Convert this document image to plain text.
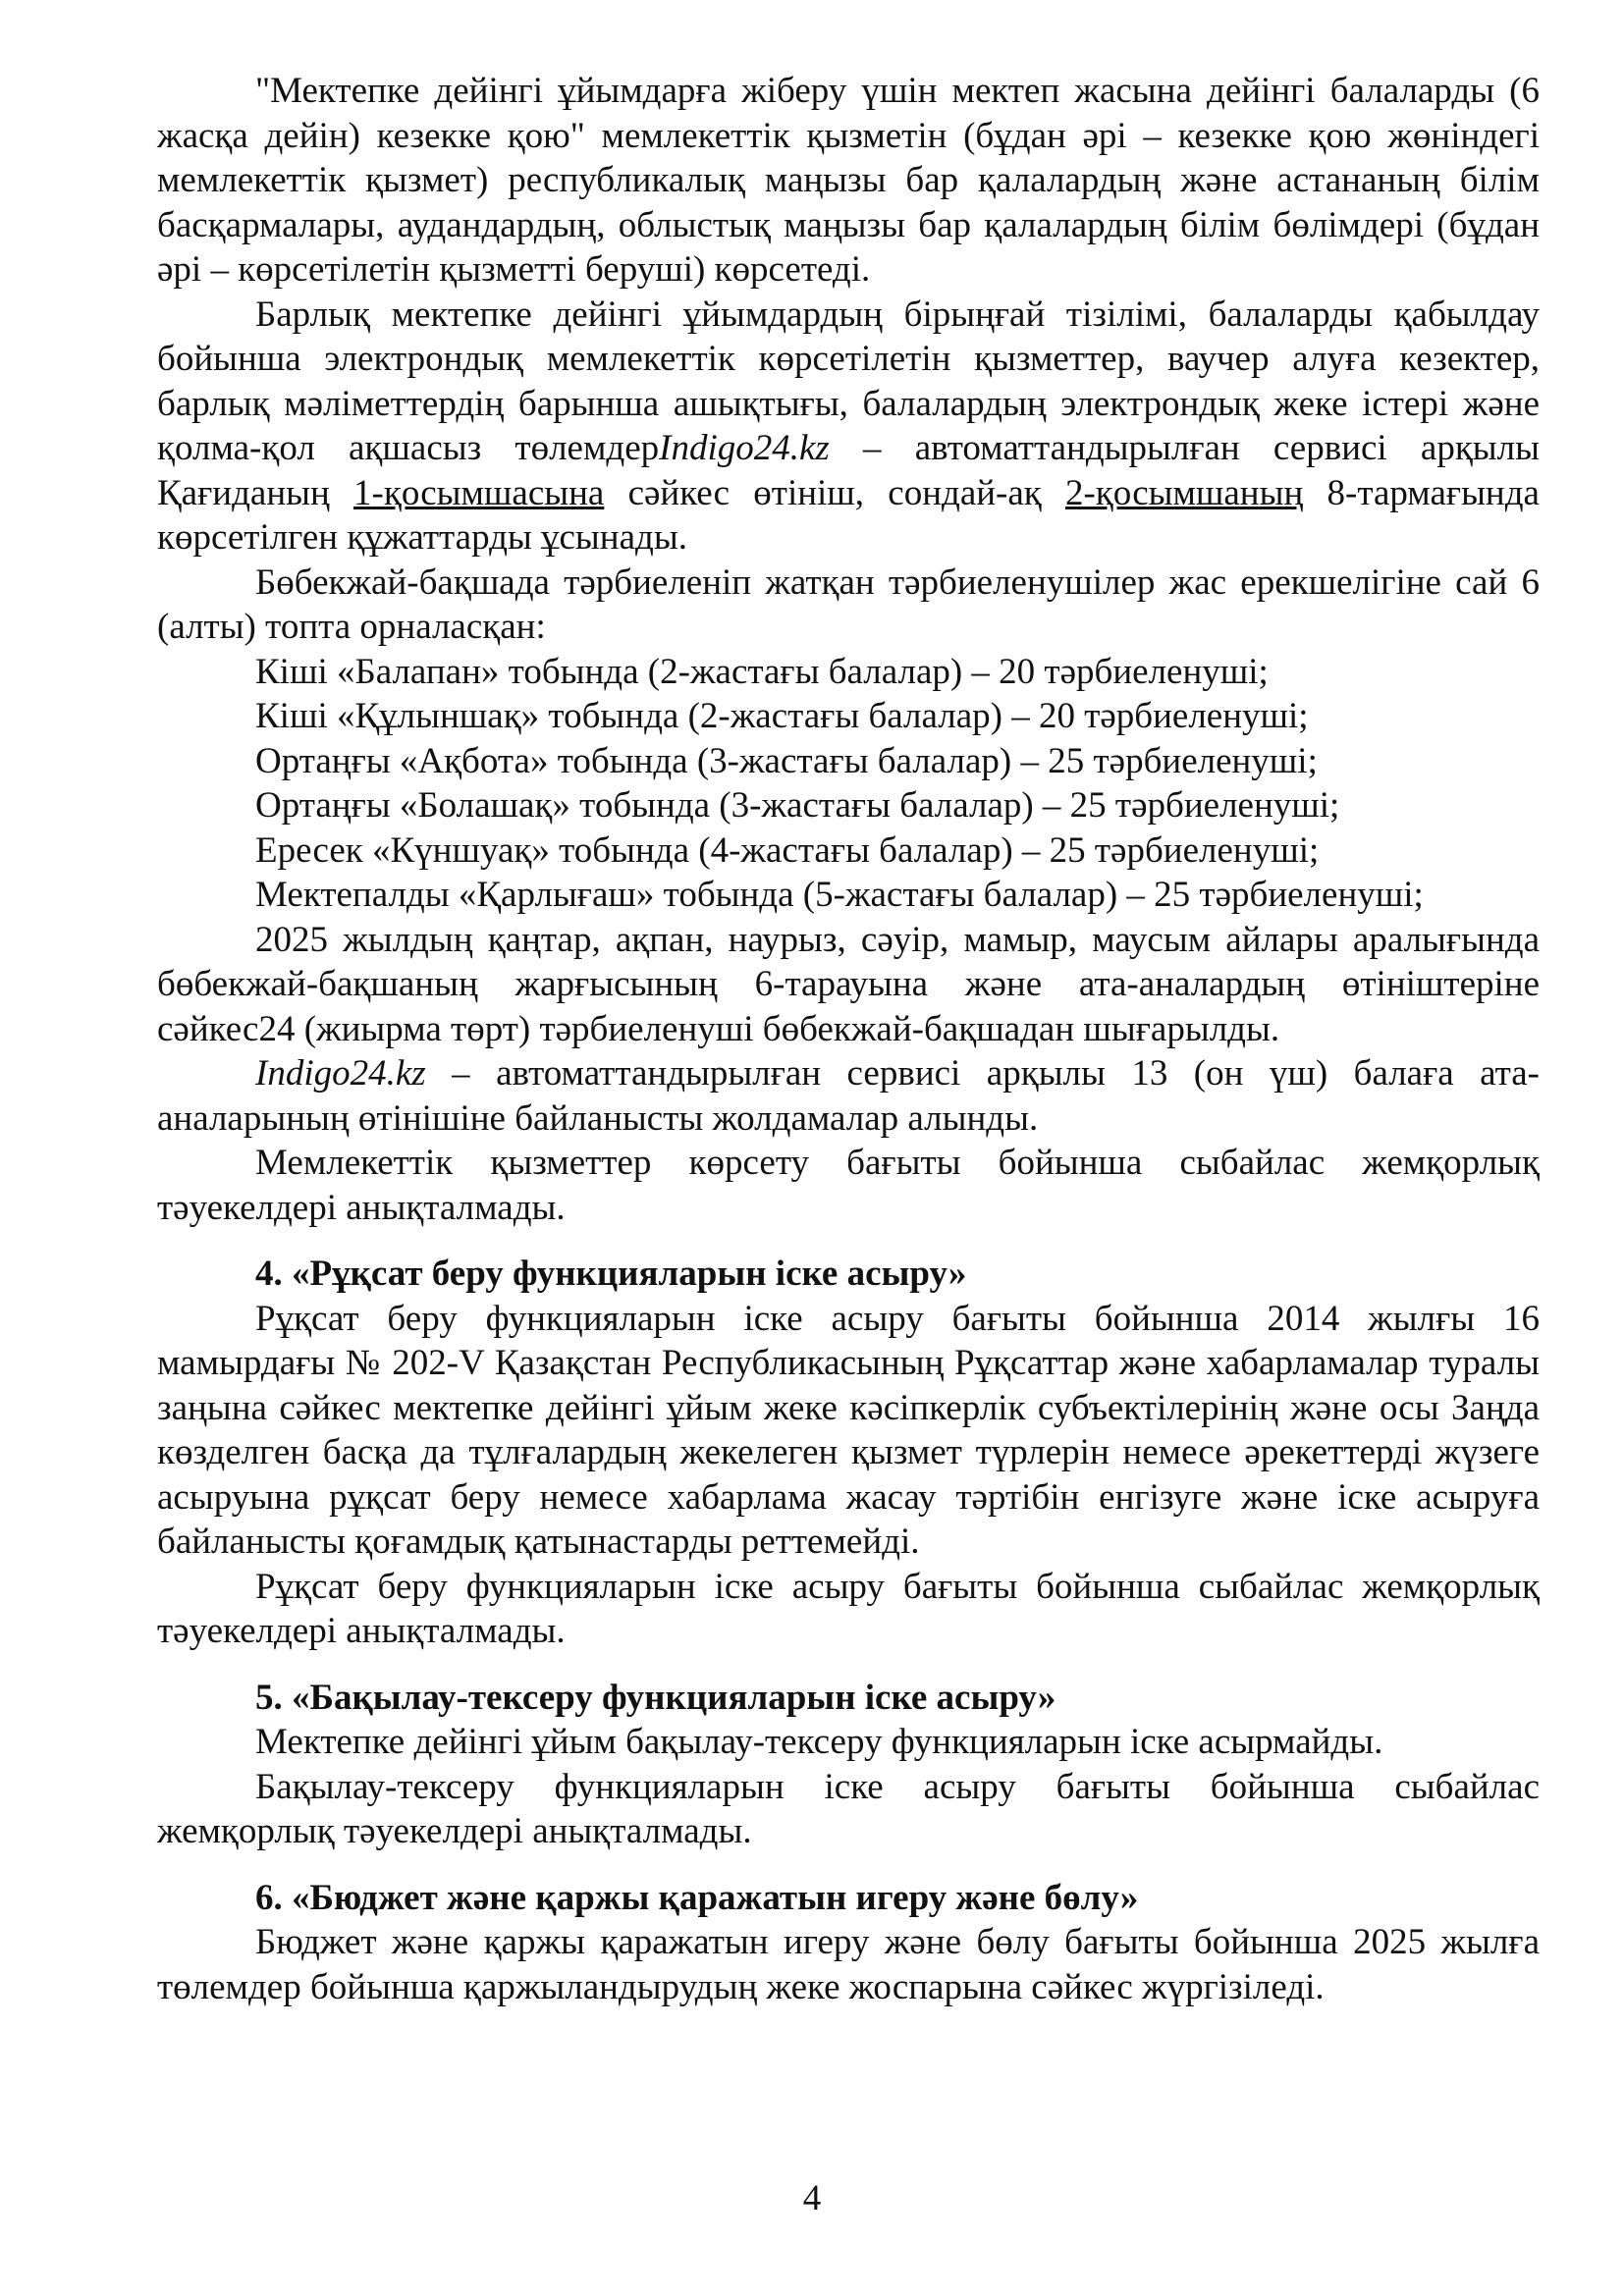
"Мектепке дейінгі ұйымдарға жіберу үшін мектеп жасына дейінгі балаларды (6 жасқа дейін) кезекке қою" мемлекеттік қызметін (бұдан әрі – кезекке қою жөніндегі мемлекеттік қызмет) республикалық маңызы бар қалалардың және астананың білім басқармалары, аудандардың, облыстық маңызы бар қалалардың білім бөлімдері (бұдан әрі – көрсетілетін қызметті беруші) көрсетеді.

Барлық мектепке дейінгі ұйымдардың бірыңғай тізілімі, балаларды қабылдау бойынша электрондық мемлекеттік көрсетілетін қызметтер, ваучер алуға кезектер, барлық мәліметтердің барынша ашықтығы, балалардың электрондық жеке істері және қолма-қол ақшасыз төлемдерIndigo24.kz – автоматтандырылған сервисі арқылы Қағиданың 1-қосымшасына сәйкес өтініш, сондай-ақ 2-қосымшаның 8-тармағында көрсетілген құжаттарды ұсынады.

Бөбекжай-бақшада тәрбиеленіп жатқан тәрбиеленушілер жас ерекшелігіне сай 6 (алты) топта орналасқан:

Кіші «Балапан» тобында (2-жастағы балалар) – 20 тәрбиеленуші;

Кіші «Құлыншақ» тобында (2-жастағы балалар) – 20 тәрбиеленуші;

Ортаңғы «Ақбота» тобында (3-жастағы балалар) – 25 тәрбиеленуші;

Ортаңғы «Болашақ» тобында (3-жастағы балалар) – 25 тәрбиеленуші;

Ересек «Күншуақ» тобында (4-жастағы балалар) – 25 тәрбиеленуші;

Мектепалды «Қарлығаш» тобында (5-жастағы балалар) – 25 тәрбиеленуші;

2025 жылдың қаңтар, ақпан, наурыз, сәуір, мамыр, маусым айлары аралығында бөбекжай-бақшаның жарғысының 6-тарауына және ата-аналардың өтініштеріне сәйкес24 (жиырма төрт) тәрбиеленуші бөбекжай-бақшадан шығарылды.

Indigo24.kz – автоматтандырылған сервисі арқылы 13 (он үш) балаға ата-аналарының өтінішіне байланысты жолдамалар алынды.

Мемлекеттік қызметтер көрсету бағыты бойынша сыбайлас жемқорлық тәуекелдері анықталмады.

4. «Рұқсат беру функцияларын іске асыру»

Рұқсат беру функцияларын іске асыру бағыты бойынша 2014 жылғы 16 мамырдағы № 202-V Қазақстан Республикасының Рұқсаттар және хабарламалар туралы заңына сәйкес мектепке дейінгі ұйым жеке кәсіпкерлік субъектілерінің және осы Заңда көзделген басқа да тұлғалардың жекелеген қызмет түрлерін немесе әрекеттерді жүзеге асыруына рұқсат беру немесе хабарлама жасау тәртібін енгізуге және іске асыруға байланысты қоғамдық қатынастарды реттемейді.

Рұқсат беру функцияларын іске асыру бағыты бойынша сыбайлас жемқорлық тәуекелдері анықталмады.

5. «Бақылау-тексеру функцияларын іске асыру»

Мектепке дейінгі ұйым бақылау-тексеру функцияларын іске асырмайды.

Бақылау-тексеру функцияларын іске асыру бағыты бойынша сыбайлас жемқорлық тәуекелдері анықталмады.

6. «Бюджет және қаржы қаражатын игеру және бөлу»

Бюджет және қаржы қаражатын игеру және бөлу бағыты бойынша 2025 жылға төлемдер бойынша қаржыландырудың жеке жоспарына сәйкес жүргізіледі.

4
